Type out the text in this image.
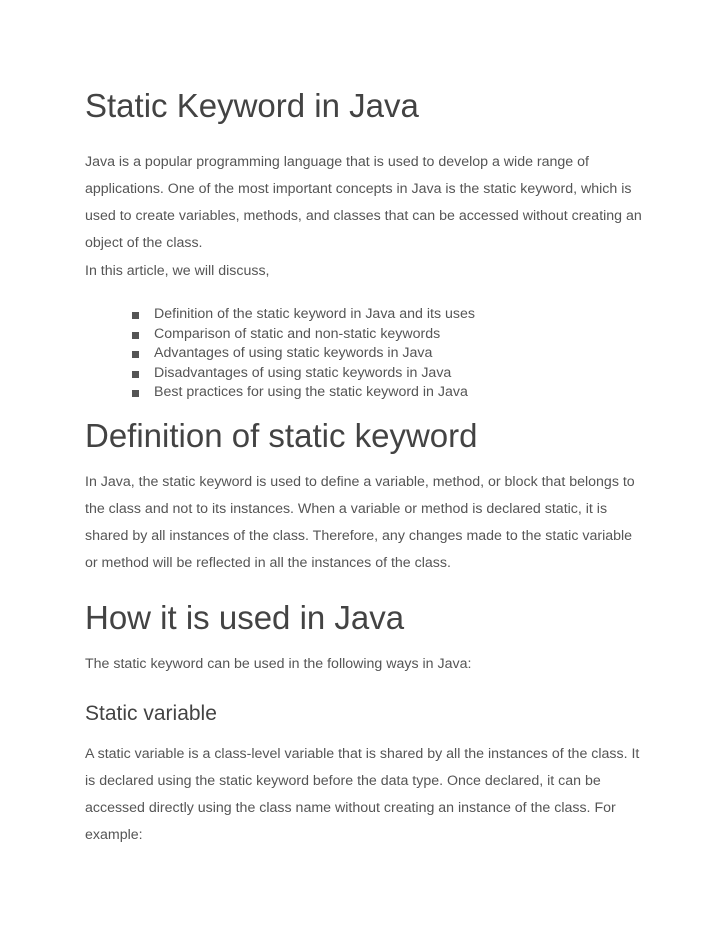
Static Keyword in Java

Java is a popular programming language that is used to develop a wide range of applications. One of the most important concepts in Java is the static keyword, which is used to create variables, methods, and classes that can be accessed without creating an object of the class.

In this article, we will discuss,

Definition of the static keyword in Java and its uses
Comparison of static and non-static keywords
Advantages of using static keywords in Java
Disadvantages of using static keywords in Java
Best practices for using the static keyword in Java
Definition of static keyword

In Java, the static keyword is used to define a variable, method, or block that belongs to the class and not to its instances. When a variable or method is declared static, it is shared by all instances of the class. Therefore, any changes made to the static variable or method will be reflected in all the instances of the class.

How it is used in Java

The static keyword can be used in the following ways in Java:

Static variable

A static variable is a class-level variable that is shared by all the instances of the class. It is declared using the static keyword before the data type. Once declared, it can be accessed directly using the class name without creating an instance of the class. For example:
